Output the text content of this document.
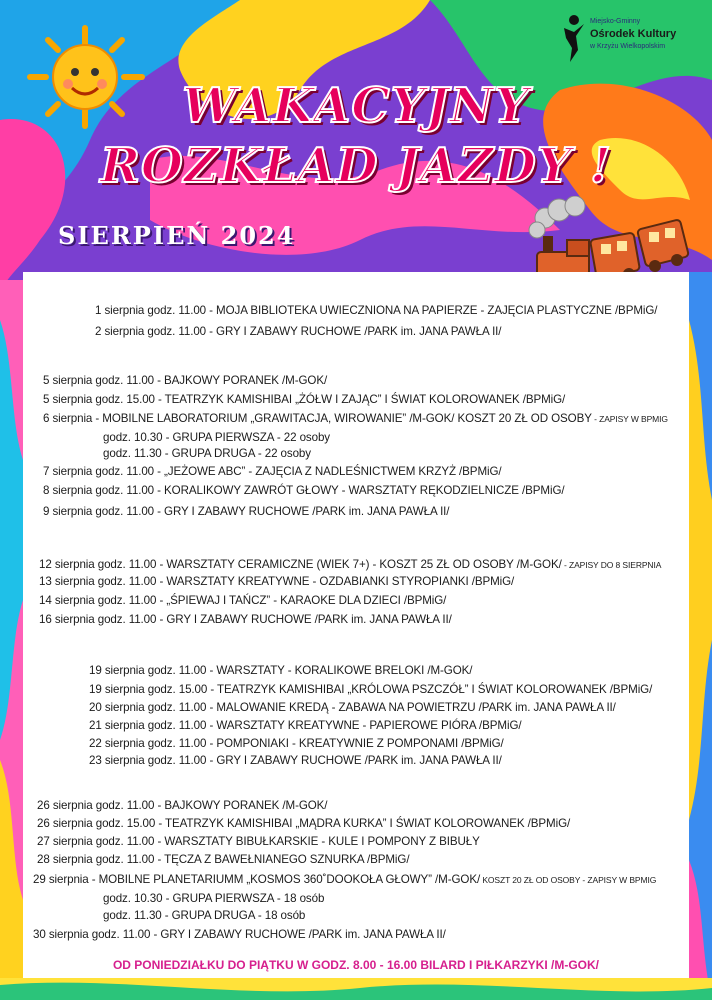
Miejsko-Gminny
Ośrodek Kultury
w Krzyżu Wielkopolskim
WAKACYJNY
ROZKŁAD JAZDY !
SIERPIEŃ 2024
1 sierpnia godz. 11.00 - MOJA BIBLIOTEKA UWIECZNIONA NA PAPIERZE - ZAJĘCIA PLASTYCZNE /BPMiG/
2 sierpnia godz. 11.00 - GRY I ZABAWY RUCHOWE /PARK im. JANA PAWŁA II/
5 sierpnia godz. 11.00 - BAJKOWY PORANEK /M-GOK/
5 sierpnia godz. 15.00 - TEATRZYK KAMISHIBAI „ŻÓŁW I ZAJĄC” I ŚWIAT KOLOROWANEK /BPMiG/
6 sierpnia - MOBILNE LABORATORIUM „GRAWITACJA, WIROWANIE” /M-GOK/ KOSZT 20 ZŁ OD OSOBY - ZAPISY W BPMIG
godz. 10.30 - GRUPA PIERWSZA - 22 osoby
godz. 11.30 - GRUPA DRUGA - 22 osoby
7 sierpnia godz. 11.00 - „JEŻOWE ABC” - ZAJĘCIA Z NADLEŚNICTWEM KRZYŻ /BPMiG/
8 sierpnia godz. 11.00 - KORALIKOWY ZAWRÓT GŁOWY - WARSZTATY RĘKODZIELNICZE /BPMiG/
9 sierpnia godz. 11.00 - GRY I ZABAWY RUCHOWE /PARK im. JANA PAWŁA II/
12 sierpnia godz. 11.00 - WARSZTATY CERAMICZNE (WIEK 7+) - KOSZT 25 ZŁ OD OSOBY /M-GOK/ - ZAPISY DO 8 SIERPNIA
13 sierpnia godz. 11.00 - WARSZTATY KREATYWNE - OZDABIANKI STYROPIANKI /BPMiG/
14 sierpnia godz. 11.00 - „ŚPIEWAJ I TAŃCZ” - KARAOKE DLA DZIECI /BPMiG/
16 sierpnia godz. 11.00 - GRY I ZABAWY RUCHOWE /PARK im. JANA PAWŁA II/
19 sierpnia godz. 11.00 - WARSZTATY - KORALIKOWE BRELOKI /M-GOK/
19 sierpnia godz. 15.00 - TEATRZYK KAMISHIBAI „KRÓLOWA PSZCZÓŁ” I ŚWIAT KOLOROWANEK /BPMiG/
20 sierpnia godz. 11.00 - MALOWANIE KREDĄ - ZABAWA NA POWIETRZU /PARK im. JANA PAWŁA II/
21 sierpnia godz. 11.00 - WARSZTATY KREATYWNE - PAPIEROWE PIÓRA /BPMiG/
22 sierpnia godz. 11.00 - POMPONIAKI - KREATYWNIE Z POMPONAMI /BPMiG/
23 sierpnia godz. 11.00 - GRY I ZABAWY RUCHOWE /PARK im. JANA PAWŁA II/
26 sierpnia godz. 11.00 - BAJKOWY PORANEK /M-GOK/
26 sierpnia godz. 15.00 - TEATRZYK KAMISHIBAI „MĄDRA KURKA” I ŚWIAT KOLOROWANEK /BPMiG/
27 sierpnia godz. 11.00 - WARSZTATY BIBUŁKARSKIE - KULE I POMPONY Z BIBUŁY
28 sierpnia godz. 11.00 - TĘCZA Z BAWEŁNIANEGO SZNURKA /BPMiG/
29 sierpnia - MOBILNE PLANETARIUMM „KOSMOS 360˚DOOKOŁA GŁOWY” /M-GOK/ KOSZT 20 ZŁ OD OSOBY - ZAPISY W BPMIG
godz. 10.30 - GRUPA PIERWSZA - 18 osób
godz. 11.30 - GRUPA DRUGA - 18 osób
30 sierpnia godz. 11.00 - GRY I ZABAWY RUCHOWE /PARK im. JANA PAWŁA II/
OD PONIEDZIAŁKU DO PIĄTKU W GODZ. 8.00 - 16.00 BILARD I PIŁKARZYKI /M-GOK/
